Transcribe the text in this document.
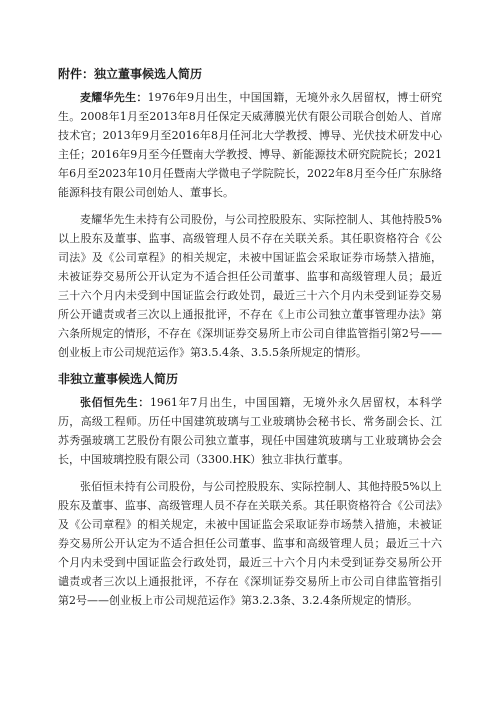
附件：独立董事候选人简历

麦耀华先生：1976年9月出生，中国国籍，无境外永久居留权，博士研究生。2008年1月至2013年8月任保定天威薄膜光伏有限公司联合创始人、首席技术官；2013年9月至2016年8月任河北大学教授、博导、光伏技术研发中心主任；2016年9月至今任暨南大学教授、博导、新能源技术研究院院长；2021年6月至2023年10月任暨南大学微电子学院院长，2022年8月至今任广东脉络能源科技有限公司创始人、董事长。

麦耀华先生未持有公司股份，与公司控股股东、实际控制人、其他持股5%以上股东及董事、监事、高级管理人员不存在关联关系。其任职资格符合《公司法》及《公司章程》的相关规定，未被中国证监会采取证券市场禁入措施，未被证券交易所公开认定为不适合担任公司董事、监事和高级管理人员；最近三十六个月内未受到中国证监会行政处罚，最近三十六个月内未受到证券交易所公开谴责或者三次以上通报批评，不存在《上市公司独立董事管理办法》第六条所规定的情形，不存在《深圳证券交易所上市公司自律监管指引第2号——创业板上市公司规范运作》第3.5.4条、3.5.5条所规定的情形。

非独立董事候选人简历

张佰恒先生：1961年7月出生，中国国籍，无境外永久居留权，本科学历，高级工程师。历任中国建筑玻璃与工业玻璃协会秘书长、常务副会长、江苏秀强玻璃工艺股份有限公司独立董事，现任中国建筑玻璃与工业玻璃协会会长，中国玻璃控股有限公司（3300.HK）独立非执行董事。

张佰恒未持有公司股份，与公司控股股东、实际控制人、其他持股5%以上股东及董事、监事、高级管理人员不存在关联关系。其任职资格符合《公司法》及《公司章程》的相关规定，未被中国证监会采取证券市场禁入措施，未被证券交易所公开认定为不适合担任公司董事、监事和高级管理人员；最近三十六个月内未受到中国证监会行政处罚，最近三十六个月内未受到证券交易所公开谴责或者三次以上通报批评，不存在《深圳证券交易所上市公司自律监管指引第2号——创业板上市公司规范运作》第3.2.3条、3.2.4条所规定的情形。
